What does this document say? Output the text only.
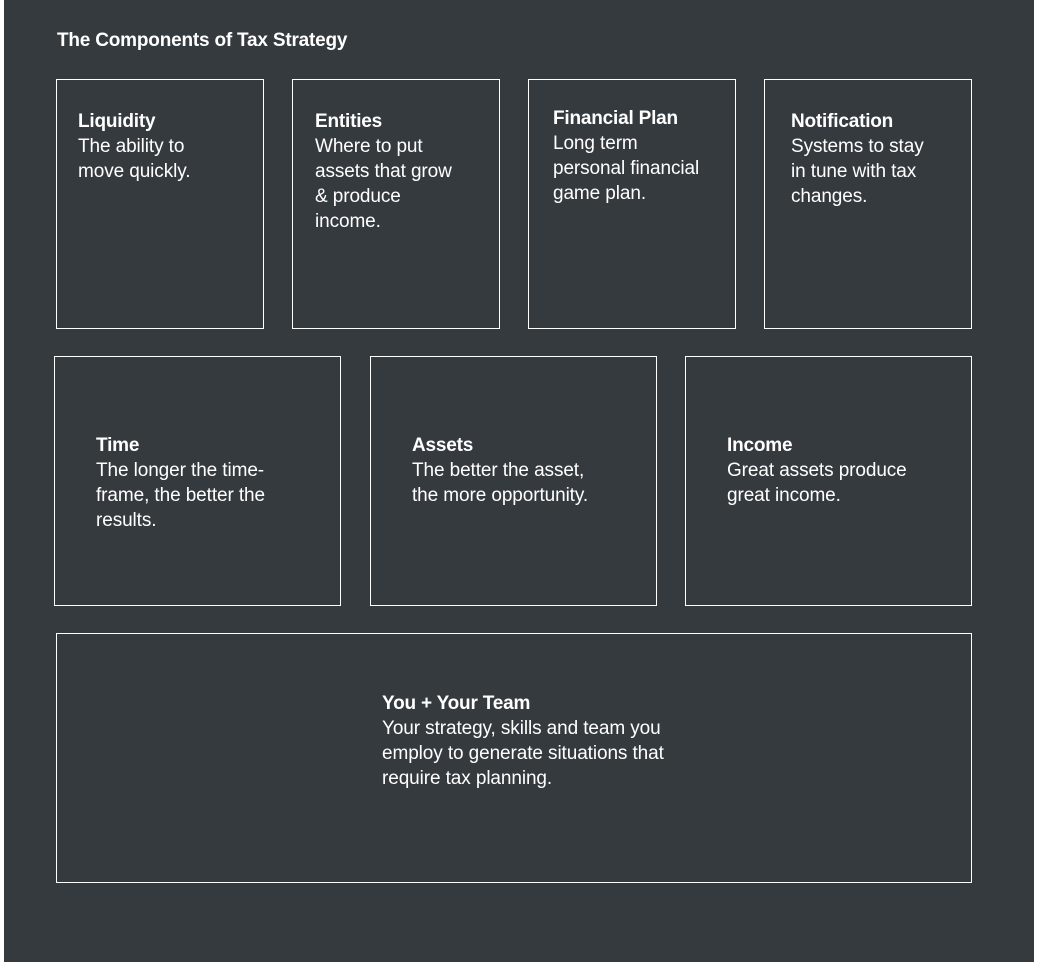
The Components of Tax Strategy
Liquidity
The ability to
move quickly.
Entities
Where to put
assets that grow
& produce
income.
Financial Plan
Long term
personal financial
game plan.
Notification
Systems to stay
in tune with tax
changes.
Time
The longer the time-
frame, the better the
results.
Assets
The better the asset,
the more opportunity.
Income
Great assets produce
great income.
You + Your Team
Your strategy, skills and team you
employ to generate situations that
require tax planning.
